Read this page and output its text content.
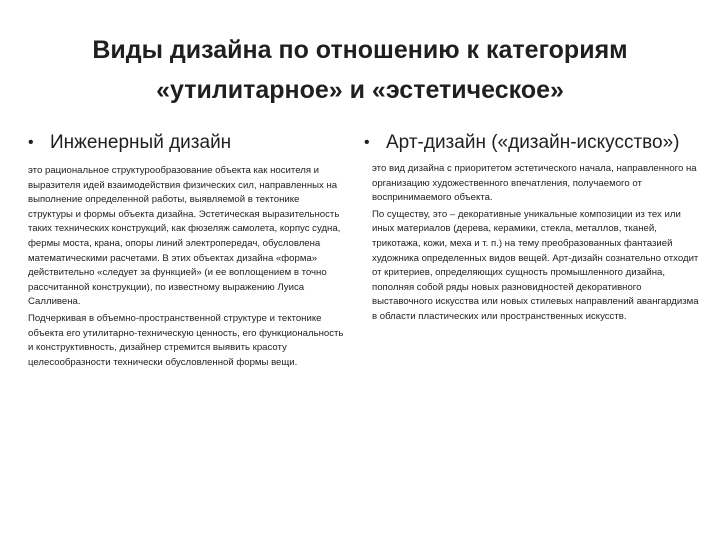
Виды дизайна по отношению к категориям
«утилитарное» и «эстетическое»
• Инженерный дизайн

это рациональное структурообразование объекта как носителя и выразителя идей взаимодействия физических сил, направленных на выполнение определенной работы, выявляемой в тектонике структуры и формы объекта дизайна. Эстетическая выразительность таких технических конструкций, как фюзеляж самолета, корпус судна, фермы моста, крана, опоры линий электропередач, обусловлена математическими расчетами. В этих объектах дизайна «форма» действительно «следует за функцией» (и ее воплощением в точно рассчитанной конструкции), по известному выражению Луиса Салливена.

Подчеркивая в объемно-пространственной структуре и тектонике объекта его утилитарно-техническую ценность, его функциональность и конструктивность, дизайнер стремится выявить красоту целесообразности технически обусловленной формы вещи.

• Арт-дизайн («дизайн-искусство»)

это вид дизайна с приоритетом эстетического начала, направленного на организацию художественного впечатления, получаемого от воспринимаемого объекта.

По существу, это – декоративные уникальные композиции из тех или иных материалов (дерева, керамики, стекла, металлов, тканей, трикотажа, кожи, меха и т. п.) на тему преобразованных фантазией художника определенных видов вещей. Арт-дизайн сознательно отходит от критериев, определяющих сущность промышленного дизайна, пополняя собой ряды новых разновидностей декоративного выставочного искусства или новых стилевых направлений авангардизма в области пластических или пространственных искусств.
